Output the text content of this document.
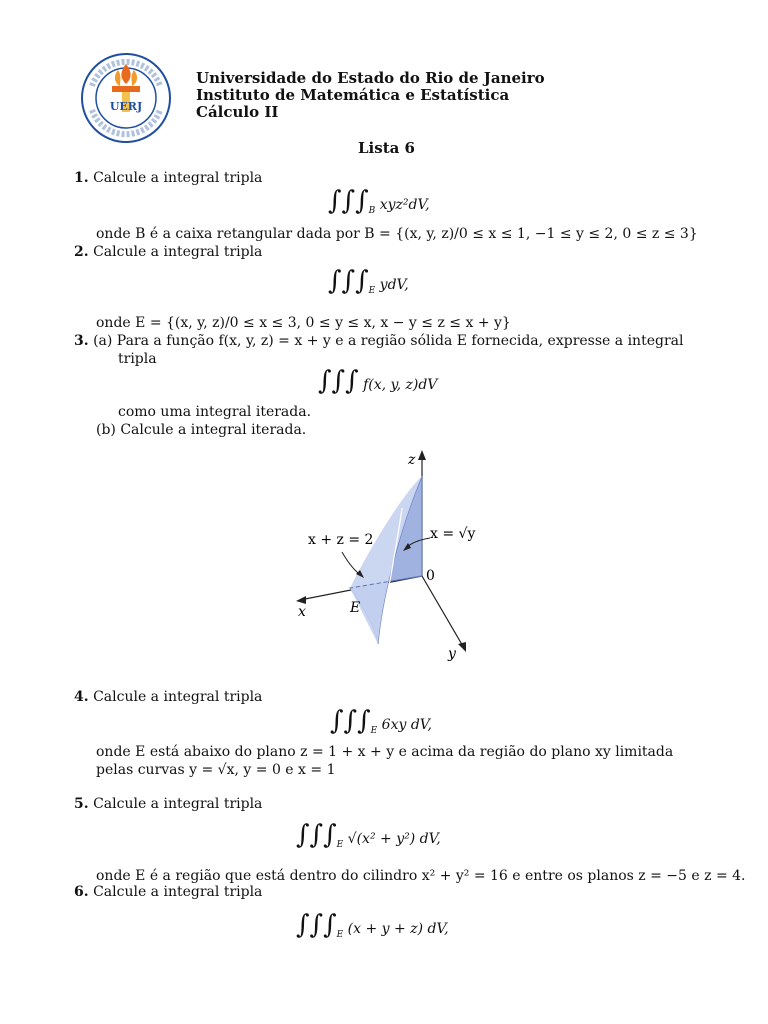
UERJ
Universidade do Estado do Rio de Janeiro
Instituto de Matemática e Estatística
Cálculo II
Lista 6
1. Calcule a integral tripla
$\int\int\int_B$ xyz²dV,
onde B é a caixa retangular dada por B = {(x, y, z)/0 ≤ x ≤ 1, −1 ≤ y ≤ 2, 0 ≤ z ≤ 3}
2. Calcule a integral tripla
$\int\int\int_E$ ydV,
onde E = {(x, y, z)/0 ≤ x ≤ 3, 0 ≤ y ≤ x, x − y ≤ z ≤ x + y}
3. (a) Para a função f(x, y, z) = x + y e a região sólida E fornecida, expresse a integral
tripla
∫∫∫ f(x, y, z)dV
como uma integral iterada.
(b) Calcule a integral iterada.
z
x
y
0
E
x + z = 2	x = √y
4. Calcule a integral tripla
$\int\int\int_E$ 6xy dV,
onde E está abaixo do plano z = 1 + x + y e acima da região do plano xy limitada
pelas curvas y = √x, y = 0 e x = 1
5. Calcule a integral tripla
$\int\int\int_E$ √(x² + y²) dV,
onde E é a região que está dentro do cilindro x² + y² = 16 e entre os planos z = −5 e z = 4.
6. Calcule a integral tripla
$\int\int\int_E$ (x + y + z) dV,
